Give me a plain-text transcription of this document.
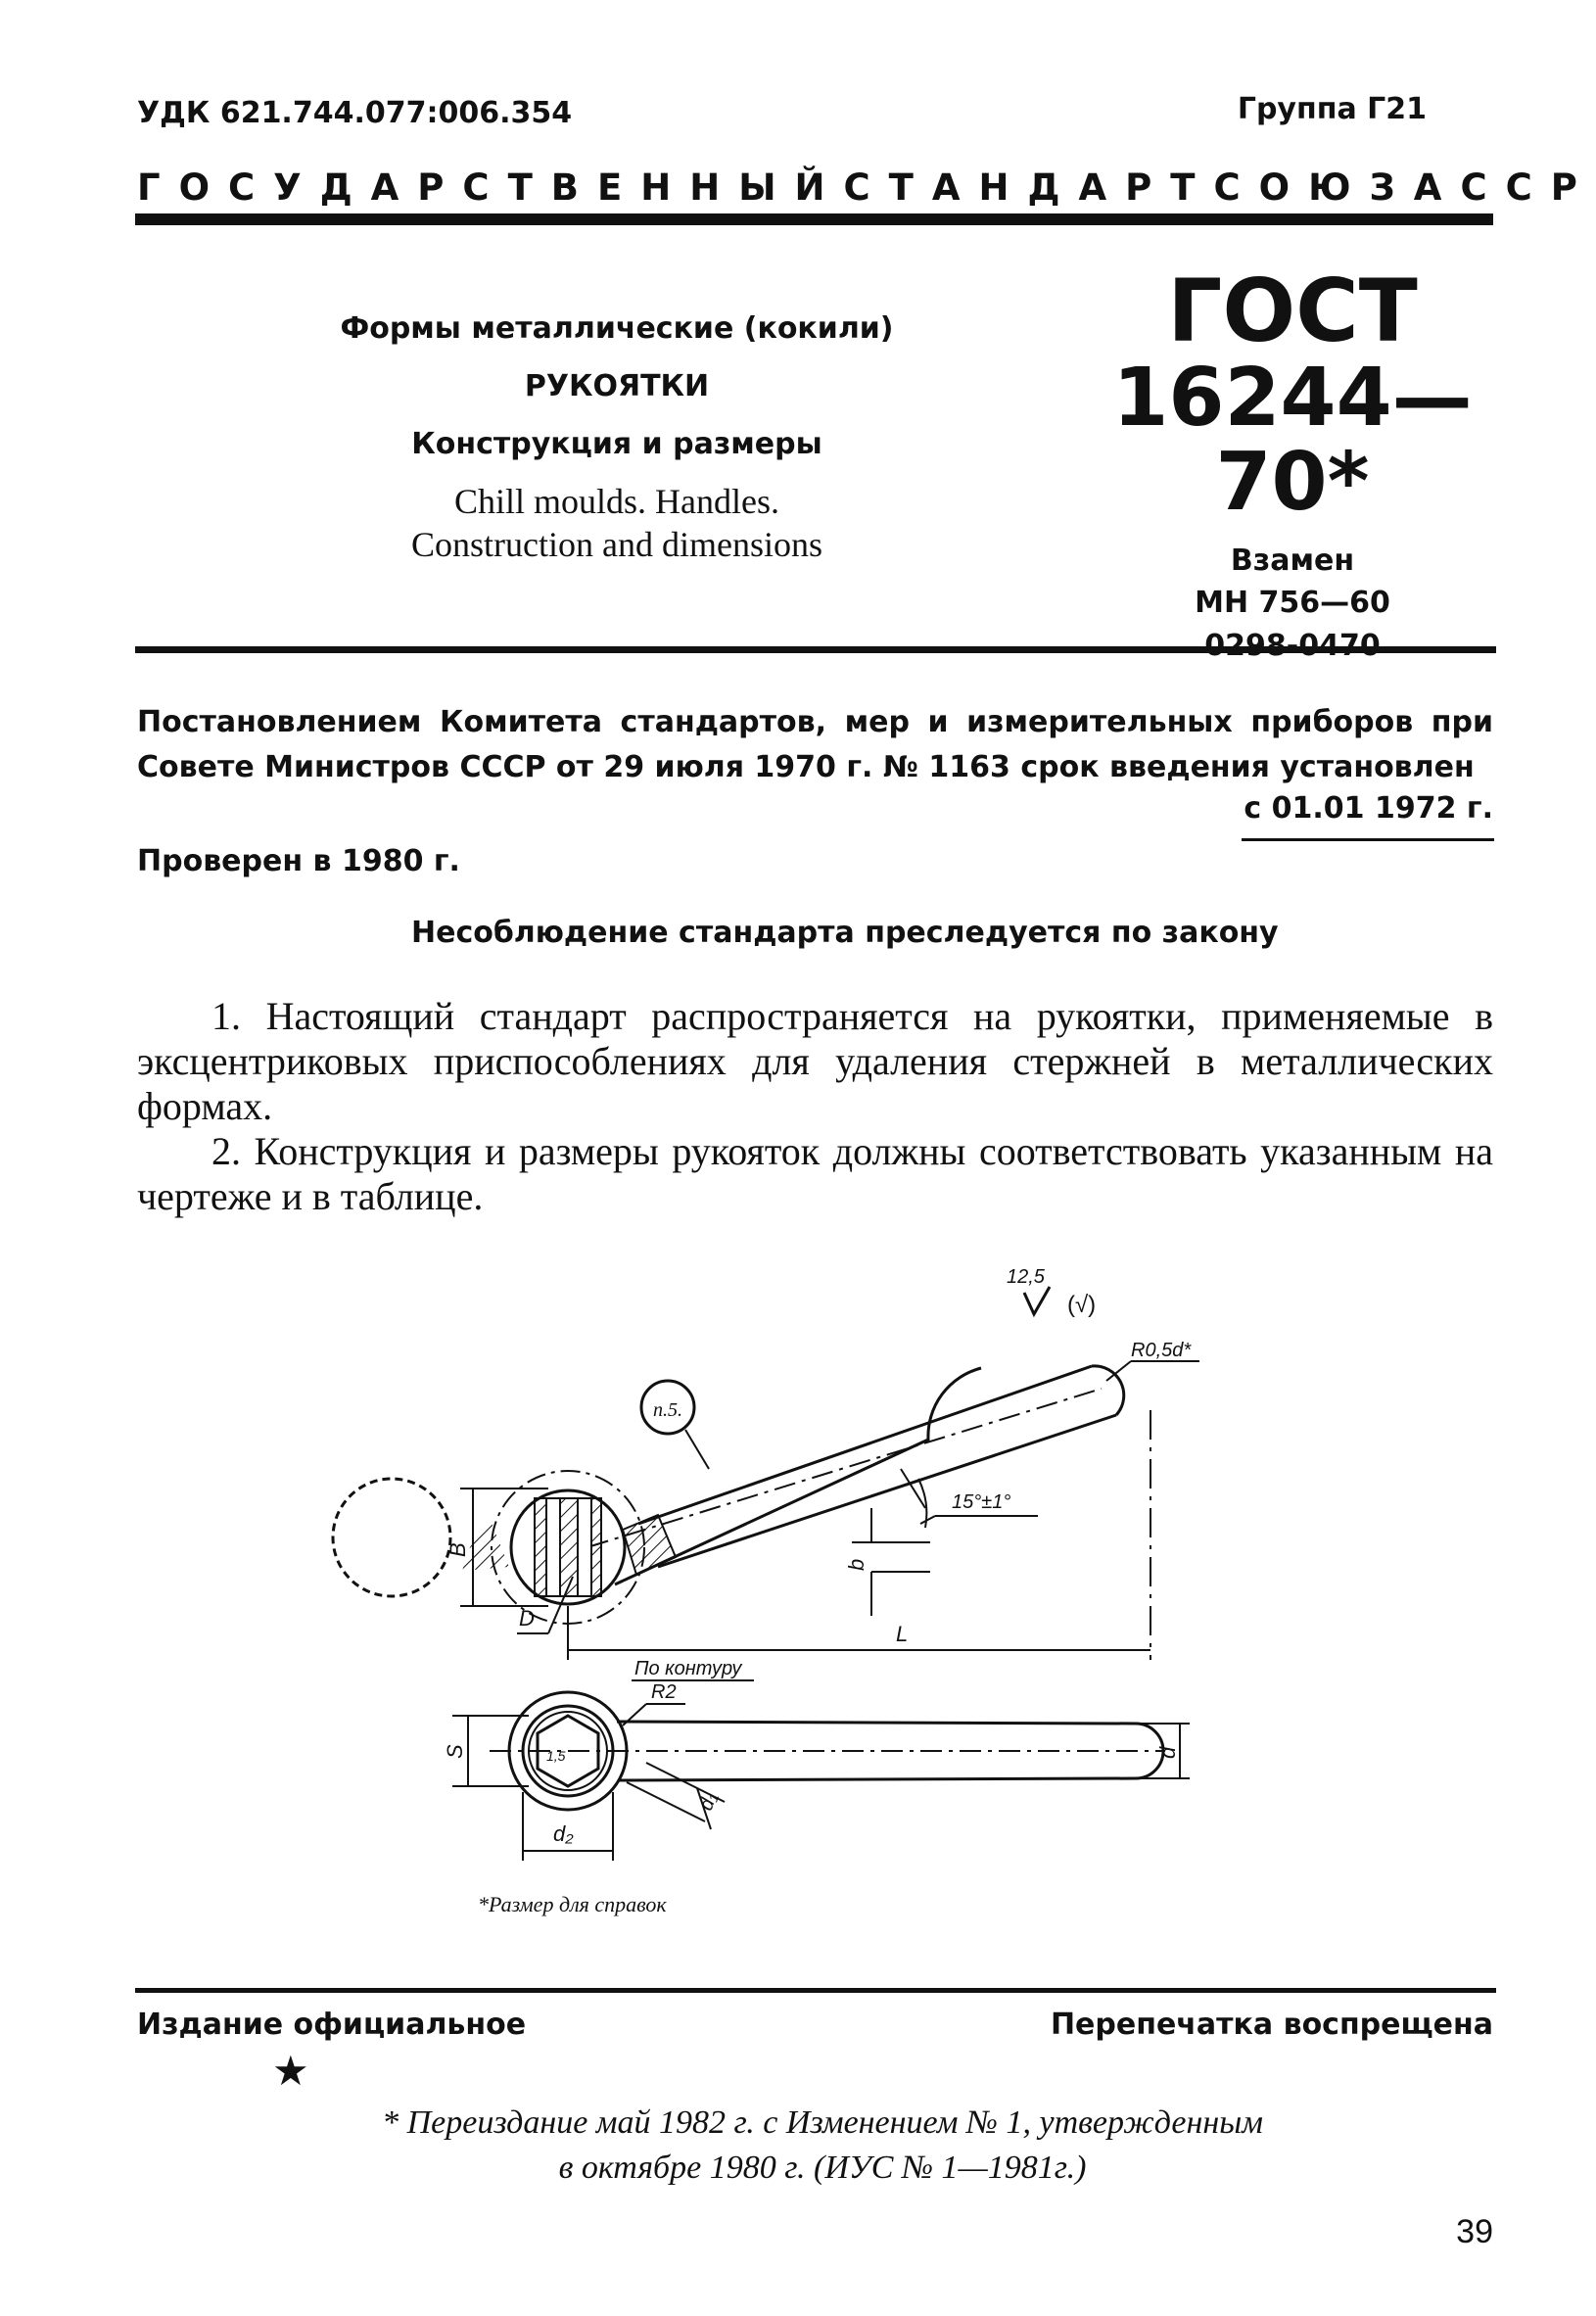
УДК 621.744.077:006.354	Группа Г21
ГОСУДАРСТВЕННЫЙ СТАНДАРТ СОЮЗА ССР
Формы металлические (кокили)
РУКОЯТКИ
Конструкция и размеры
Chill moulds. Handles.
Construction and dimensions
ГОСТ
16244—70*
Взамен
МН 756—60
Постановлением Комитета стандартов, мер и измерительных приборов при Совете Министров СССР от 29 июля 1970 г. № 1163 срок введения установлен
с 01.01 1972 г.
Проверен в 1980 г.
Несоблюдение стандарта преследуется по закону
1. Настоящий стандарт распространяется на рукоятки, применяемые в эксцентриковых приспособлениях для удаления стержней в металлических формах.
2. Конструкция и размеры рукояток должны соответствовать указанным на чертеже и в таблице.
12,5
(√)
п.5.
R0,5d*
15°±1°
B
b
D
L
По контуру
R2
S	1,5	d
d₁
d₂
*Размер для справок
Издание официальное	Перепечатка воспрещена
★
* Переиздание май 1982 г. с Изменением № 1, утвержденным
в октябре 1980 г. (ИУС № 1—1981г.)
39
